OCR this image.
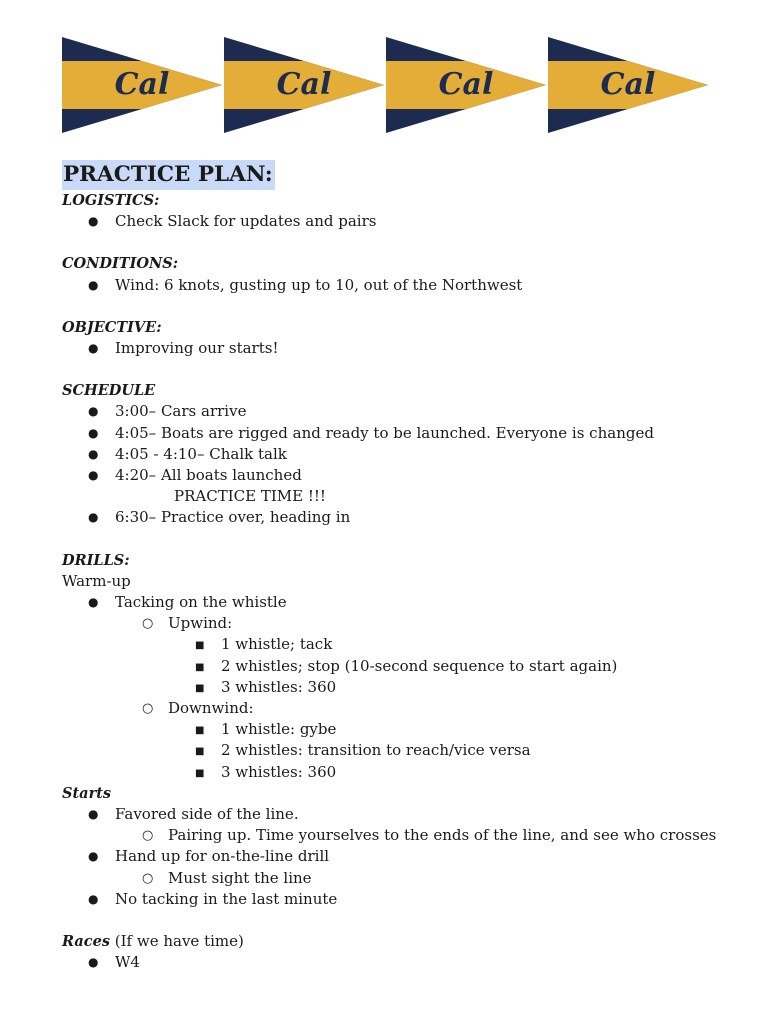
Cal	Cal	Cal	Cal
PRACTICE PLAN:
LOGISTICS:
● Check Slack for updates and pairs
CONDITIONS:
● Wind: 6 knots, gusting up to 10, out of the Northwest
OBJECTIVE:
● Improving our starts!
SCHEDULE
● 3:00– Cars arrive
● 4:05– Boats are rigged and ready to be launched. Everyone is changed
● 4:05 - 4:10– Chalk talk
● 4:20– All boats launched
PRACTICE TIME !!!
● 6:30– Practice over, heading in
DRILLS:
Warm-up
● Tacking on the whistle
○ Upwind:
■ 1 whistle; tack
■ 2 whistles; stop (10-second sequence to start again)
■ 3 whistles: 360
○ Downwind:
■ 1 whistle: gybe
■ 2 whistles: transition to reach/vice versa
■ 3 whistles: 360
Starts
● Favored side of the line.
○ Pairing up. Time yourselves to the ends of the line, and see who crosses
● Hand up for on-the-line drill
○ Must sight the line
● No tacking in the last minute
Races (If we have time)
● W4
